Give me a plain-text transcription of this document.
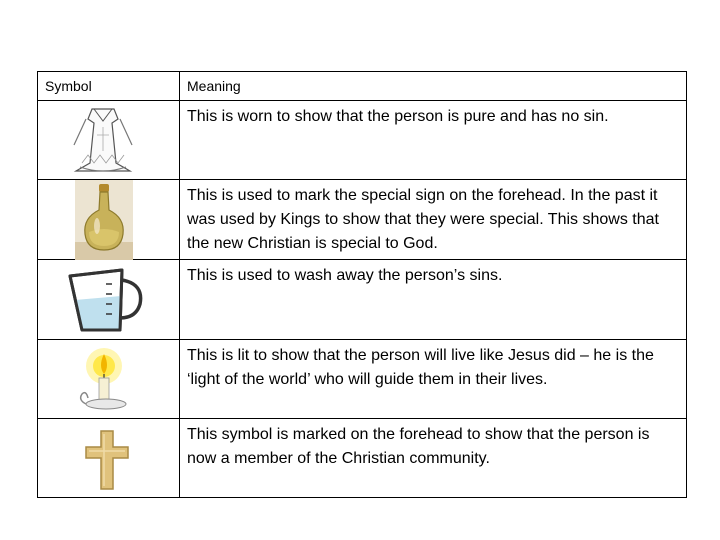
Symbol	Meaning

This is worn to show that the person is pure and has no sin.

This is used to mark the special sign on the forehead. In the past it was used by Kings to show that they were special. This shows that the new Christian is special to God.

This is used to wash away the person’s sins.

This is lit to show that the person will live like Jesus did – he is the ‘light of the world’ who will guide them in their lives.

This symbol is marked on the forehead to show that the person is now a member of the Christian community.
